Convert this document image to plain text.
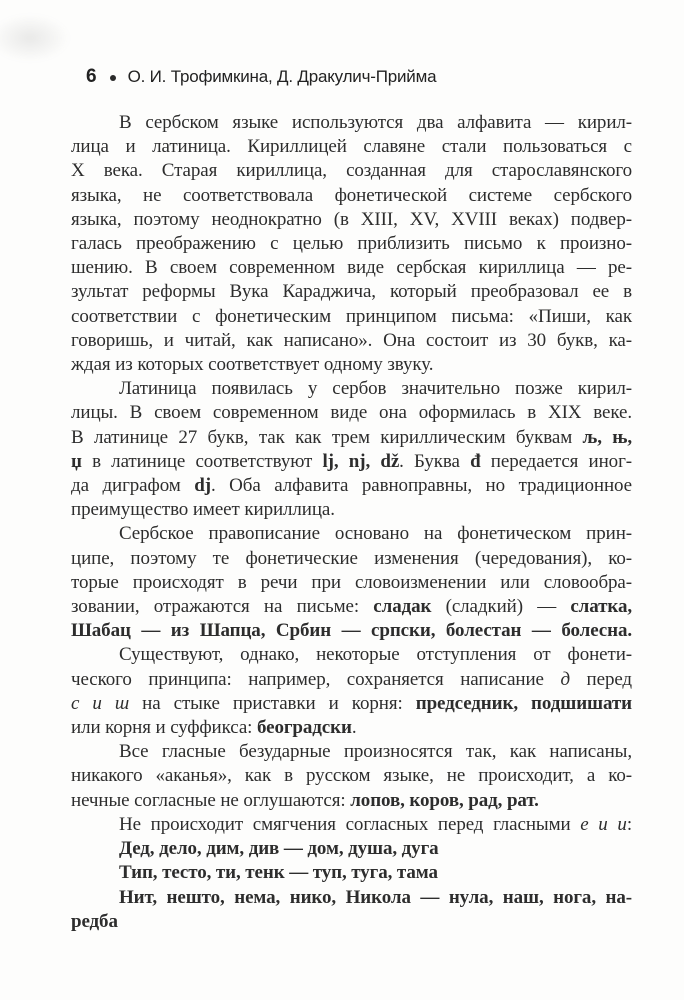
6 О. И. Трофимкина, Д. Дракулич-Прийма
В сербском языке используются два алфавита — кирил-
лица и латиница. Кириллицей славяне стали пользоваться с
X века. Старая кириллица, созданная для старославянского
языка, не соответствовала фонетической системе сербского
языка, поэтому неоднократно (в XIII, XV, XVIII веках) подвер-
галась преображению с целью приблизить письмо к произно-
шению. В своем современном виде сербская кириллица — ре-
зультат реформы Вука Караджича, который преобразовал ее в
соответствии с фонетическим принципом письма: «Пиши, как
говоришь, и читай, как написано». Она состоит из 30 букв, ка-
ждая из которых соответствует одному звуку.
Латиница появилась у сербов значительно позже кирил-
лицы. В своем современном виде она оформилась в XIX веке.
В латинице 27 букв, так как трем кириллическим буквам љ, њ,
џ в латинице соответствуют lj, nj, dž. Буква đ передается иног-
да диграфом dj. Оба алфавита равноправны, но традиционное
преимущество имеет кириллица.
Сербское правописание основано на фонетическом прин-
ципе, поэтому те фонетические изменения (чередования), ко-
торые происходят в речи при словоизменении или словообра-
зовании, отражаются на письме: сладак (сладкий) — слатка,
Шабац — из Шапца, Србин — српски, болестан — болесна.
Существуют, однако, некоторые отступления от фонети-
ческого принципа: например, сохраняется написание д перед
с и ш на стыке приставки и корня: председник, подшишати
или корня и суффикса: београдски.
Все гласные безударные произносятся так, как написаны,
никакого «аканья», как в русском языке, не происходит, а ко-
нечные согласные не оглушаются: лопов, коров, рад, рат.
Не происходит смягчения согласных перед гласными е и и:
Дед, дело, дим, див — дом, душа, дуга
Тип, тесто, ти, тенк — туп, туга, тама
Нит, нешто, нема, нико, Никола — нула, наш, нога, на-
редба
